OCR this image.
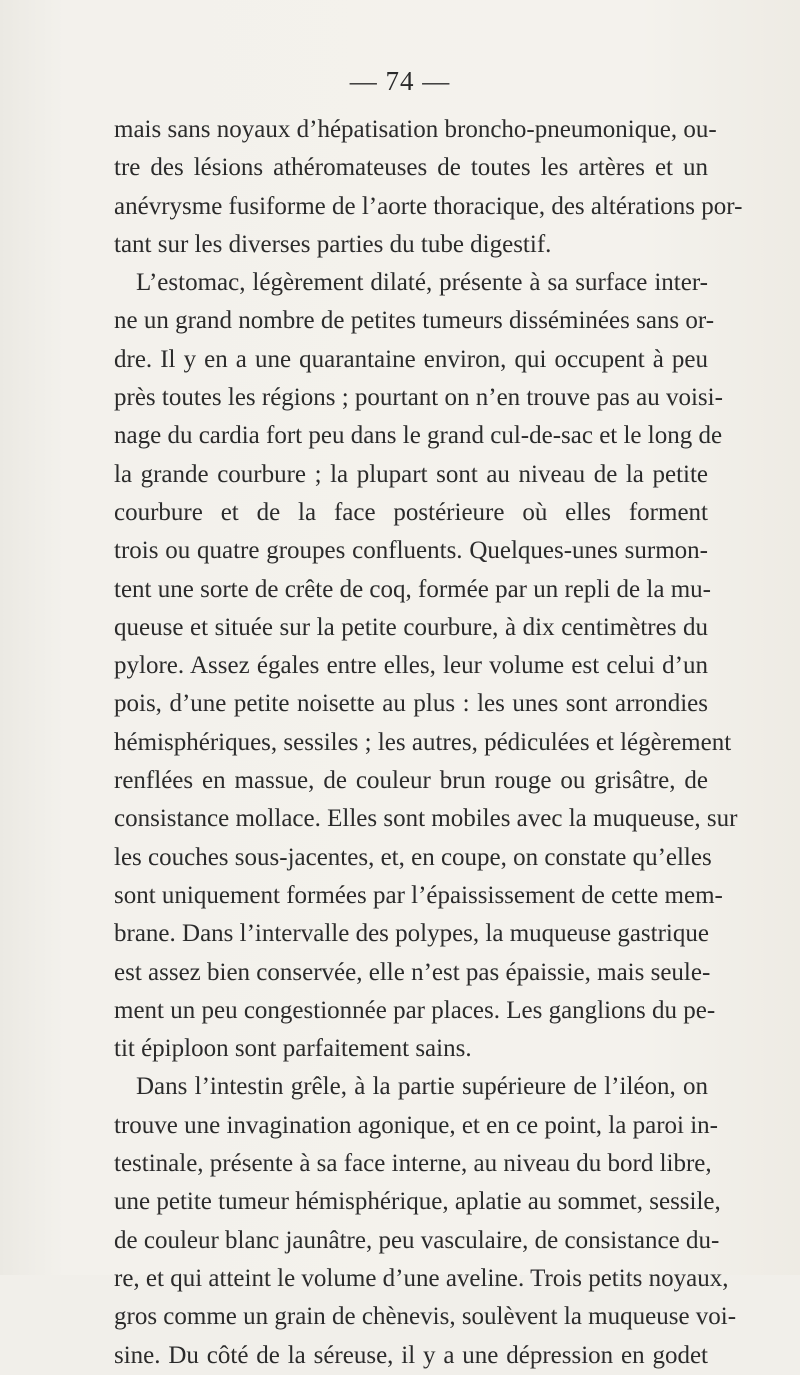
— 74 —
mais sans noyaux d’hépatisation broncho-pneumonique, ou-
tre des lésions athéromateuses de toutes les artères et un
anévrysme fusiforme de l’aorte thoracique, des altérations por-
tant sur les diverses parties du tube digestif.
L’estomac, légèrement dilaté, présente à sa surface inter-
ne un grand nombre de petites tumeurs disséminées sans or-
dre. Il y en a une quarantaine environ, qui occupent à peu
près toutes les régions ; pourtant on n’en trouve pas au voisi-
nage du cardia fort peu dans le grand cul-de-sac et le long de
la grande courbure ; la plupart sont au niveau de la petite
courbure et de la face postérieure où elles forment
trois ou quatre groupes confluents. Quelques-unes surmon-
tent une sorte de crête de coq, formée par un repli de la mu-
queuse et située sur la petite courbure, à dix centimètres du
pylore. Assez égales entre elles, leur volume est celui d’un
pois, d’une petite noisette au plus : les unes sont arrondies
hémisphériques, sessiles ; les autres, pédiculées et légèrement
renflées en massue, de couleur brun rouge ou grisâtre, de
consistance mollace. Elles sont mobiles avec la muqueuse, sur
les couches sous-jacentes, et, en coupe, on constate qu’elles
sont uniquement formées par l’épaississement de cette mem-
brane. Dans l’intervalle des polypes, la muqueuse gastrique
est assez bien conservée, elle n’est pas épaissie, mais seule-
ment un peu congestionnée par places. Les ganglions du pe-
tit épiploon sont parfaitement sains.
Dans l’intestin grêle, à la partie supérieure de l’iléon, on
trouve une invagination agonique, et en ce point, la paroi in-
testinale, présente à sa face interne, au niveau du bord libre,
une petite tumeur hémisphérique, aplatie au sommet, sessile,
de couleur blanc jaunâtre, peu vasculaire, de consistance du-
re, et qui atteint le volume d’une aveline. Trois petits noyaux,
gros comme un grain de chènevis, soulèvent la muqueuse voi-
sine. Du côté de la séreuse, il y a une dépression en godet
